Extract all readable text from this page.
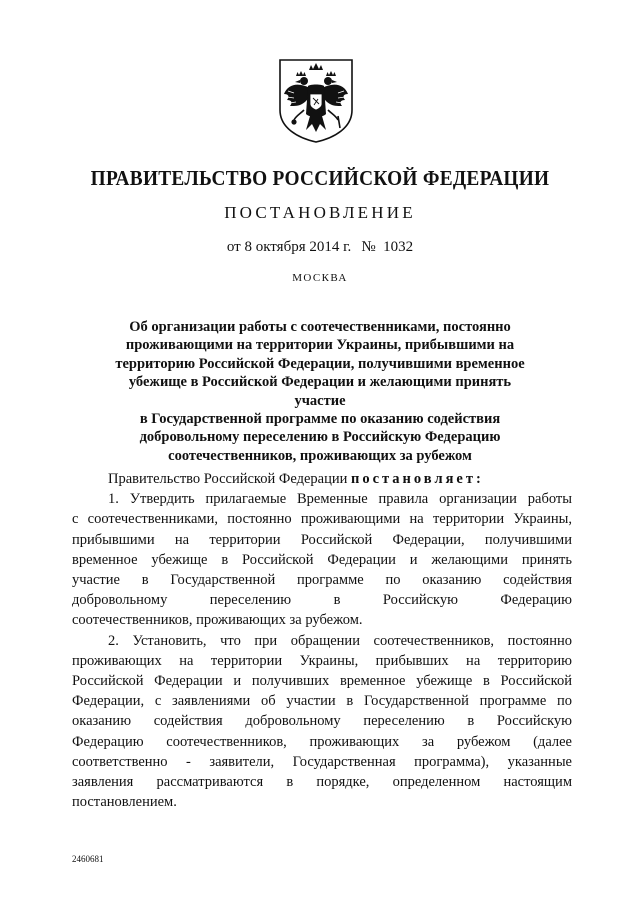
ПРАВИТЕЛЬСТВО РОССИЙСКОЙ ФЕДЕРАЦИИ
ПОСТАНОВЛЕНИЕ
от 8 октября 2014 г. № 1032
МОСКВА
Об организации работы с соотечественниками, постоянно
проживающими на территории Украины, прибывшими на
территорию Российской Федерации, получившими временное
убежище в Российской Федерации и желающими принять участие
в Государственной программе по оказанию содействия
добровольному переселению в Российскую Федерацию
соотечественников, проживающих за рубежом
Правительство Российской Федерации постановляет:
1. Утвердить прилагаемые Временные правила организации работы
с соотечественниками, постоянно проживающими на территории Украины,
прибывшими на территории Российской Федерации, получившими
временное убежище в Российской Федерации и желающими принять
участие в Государственной программе по оказанию содействия
добровольному переселению в Российскую Федерацию
соотечественников, проживающих за рубежом.
2. Установить, что при обращении соотечественников, постоянно
проживающих на территории Украины, прибывших на территорию
Российской Федерации и получивших временное убежище в Российской
Федерации, с заявлениями об участии в Государственной программе по
оказанию содействия добровольному переселению в Российскую
Федерацию соотечественников, проживающих за рубежом (далее
соответственно - заявители, Государственная программа), указанные
заявления рассматриваются в порядке, определенном настоящим
постановлением.
2460681
